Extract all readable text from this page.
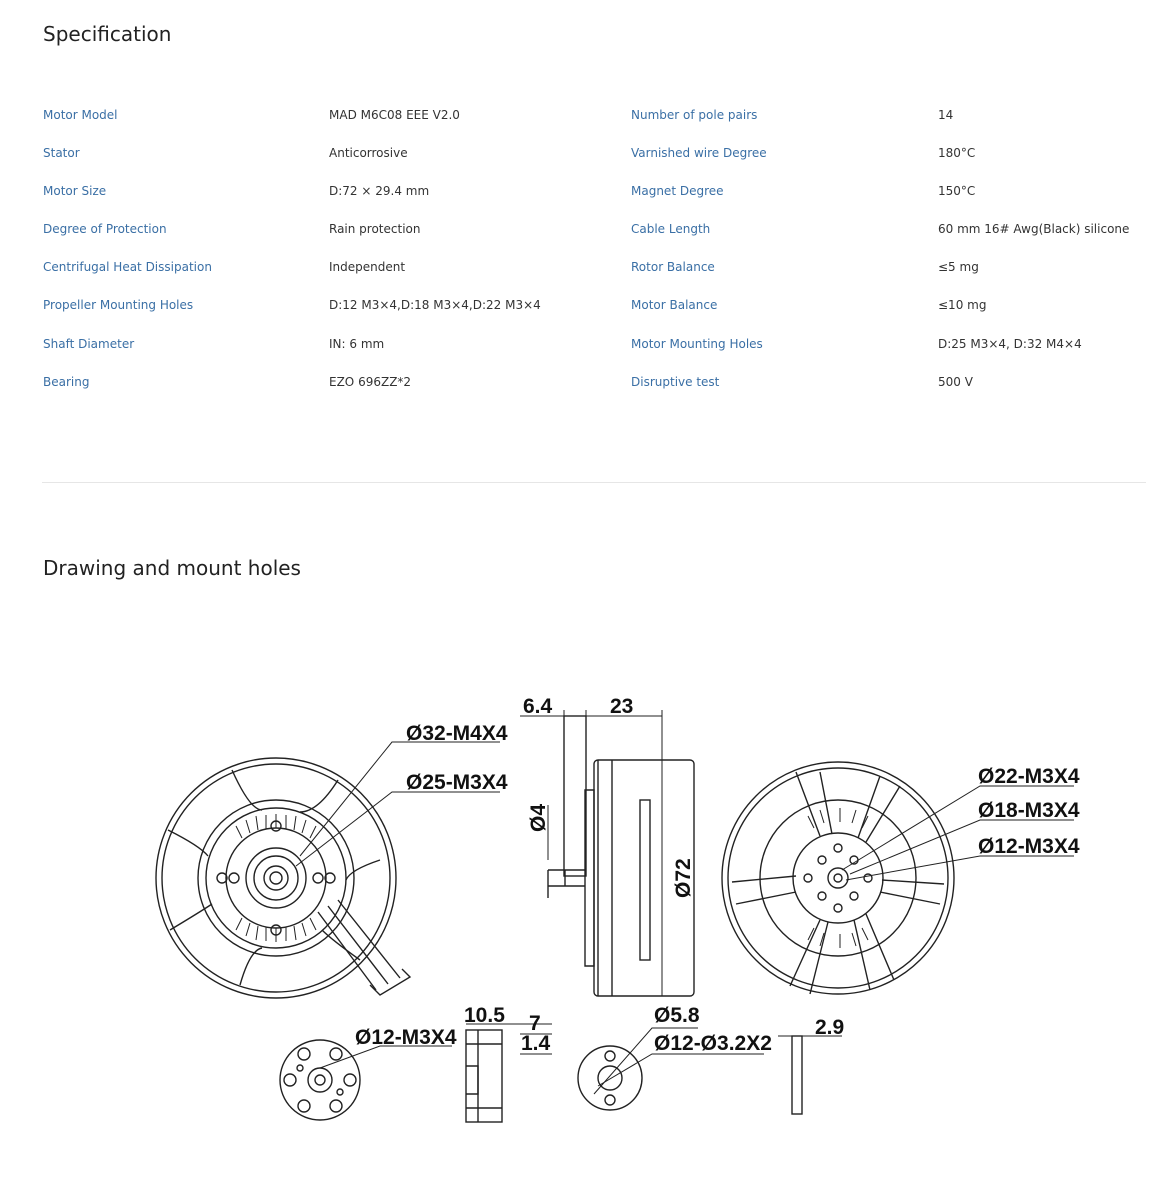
Specification
Motor Model	MAD M6C08 EEE V2.0	Number of pole pairs	14
Stator	Anticorrosive	Varnished wire Degree	180°C
Motor Size	D:72 × 29.4 mm	Magnet Degree	150°C
Degree of Protection	Rain protection	Cable Length	60 mm 16# Awg(Black) silicone
Centrifugal Heat Dissipation	Independent	Rotor Balance	≤5 mg
Propeller Mounting Holes	D:12 M3×4,D:18 M3×4,D:22 M3×4	Motor Balance	≤10 mg
Shaft Diameter	IN: 6 mm	Motor Mounting Holes	D:25 M3×4, D:32 M4×4
Bearing	EZO 696ZZ*2	Disruptive test	500 V
Drawing and mount holes
Ø32-M4X4
Ø25-M3X4
6.4	23
Ø4
Ø72
Ø22-M3X4
Ø18-M3X4
Ø12-M3X4
Ø12-M3X4
10.5 7
1.4
Ø5.8
Ø12-Ø3.2X2
2.9
